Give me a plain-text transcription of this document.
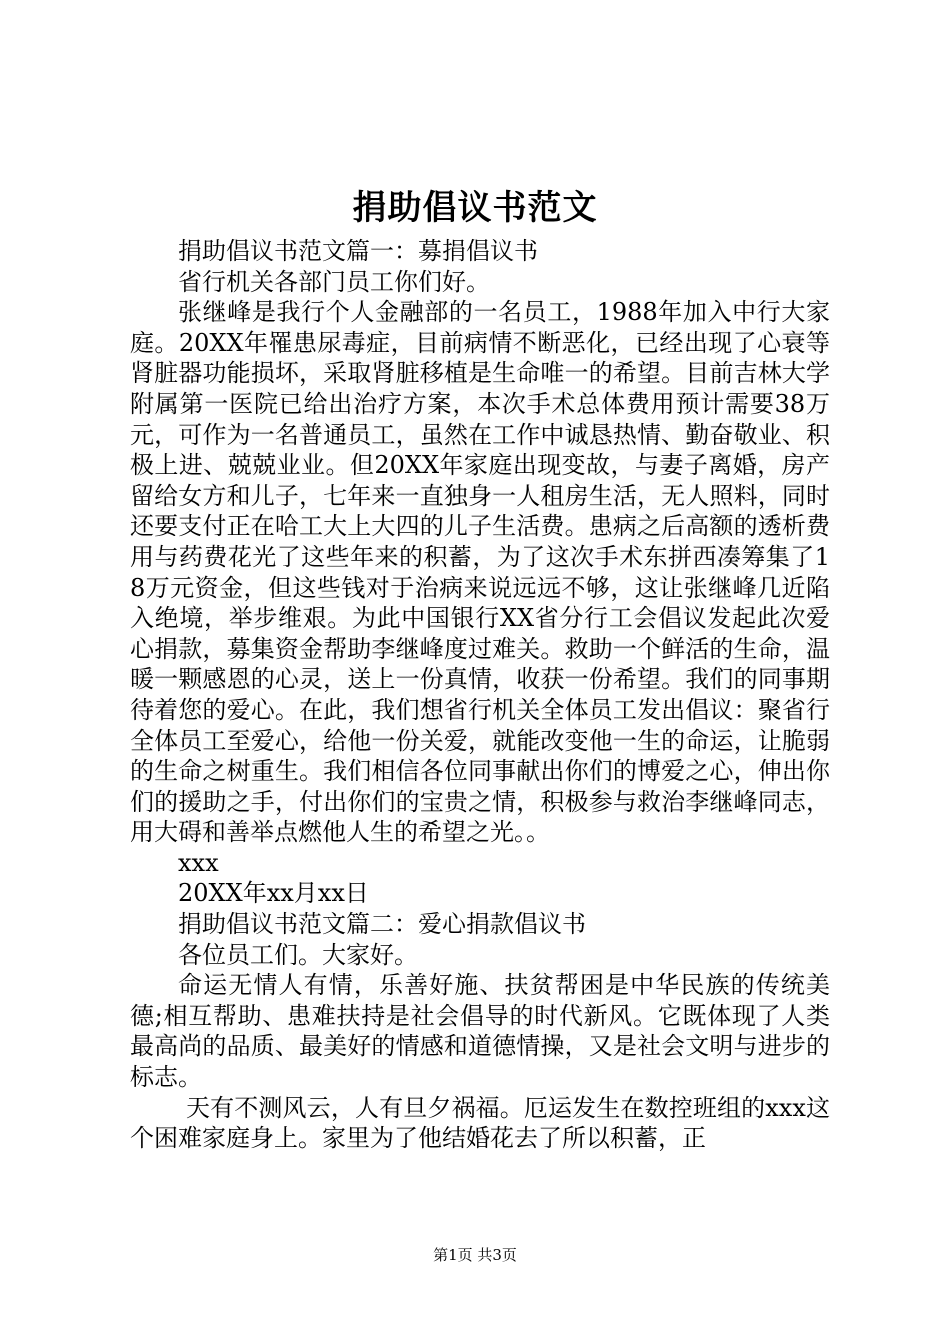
捐助倡议书范文

捐助倡议书范文篇一：募捐倡议书

省行机关各部门员工你们好。

张继峰是我行个人金融部的一名员工，1988年加入中行大家庭。20XX年罹患尿毒症，目前病情不断恶化，已经出现了心衰等肾脏器功能损坏，采取肾脏移植是生命唯一的希望。目前吉林大学附属第一医院已给出治疗方案，本次手术总体费用预计需要38万元，可作为一名普通员工，虽然在工作中诚恳热情、勤奋敬业、积极上进、兢兢业业。但20XX年家庭出现变故，与妻子离婚，房产留给女方和儿子，七年来一直独身一人租房生活，无人照料，同时还要支付正在哈工大上大四的儿子生活费。患病之后高额的透析费用与药费花光了这些年来的积蓄，为了这次手术东拼西凑筹集了18万元资金，但这些钱对于治病来说远远不够，这让张继峰几近陷入绝境，举步维艰。为此中国银行XX省分行工会倡议发起此次爱心捐款，募集资金帮助李继峰度过难关。救助一个鲜活的生命，温暖一颗感恩的心灵，送上一份真情，收获一份希望。我们的同事期待着您的爱心。在此，我们想省行机关全体员工发出倡议：聚省行全体员工至爱心，给他一份关爱，就能改变他一生的命运，让脆弱的生命之树重生。我们相信各位同事献出你们的博爱之心，伸出你们的援助之手，付出你们的宝贵之情，积极参与救治李继峰同志，用大碍和善举点燃他人生的希望之光。。

xxx

20XX年xx月xx日

捐助倡议书范文篇二：爱心捐款倡议书

各位员工们。大家好。

命运无情人有情，乐善好施、扶贫帮困是中华民族的传统美德;相互帮助、患难扶持是社会倡导的时代新风。它既体现了人类最高尚的品质、最美好的情感和道德情操，又是社会文明与进步的标志。

天有不测风云，人有旦夕祸福。厄运发生在数控班组的xxx这个困难家庭身上。家里为了他结婚花去了所以积蓄，正

第1页 共3页
